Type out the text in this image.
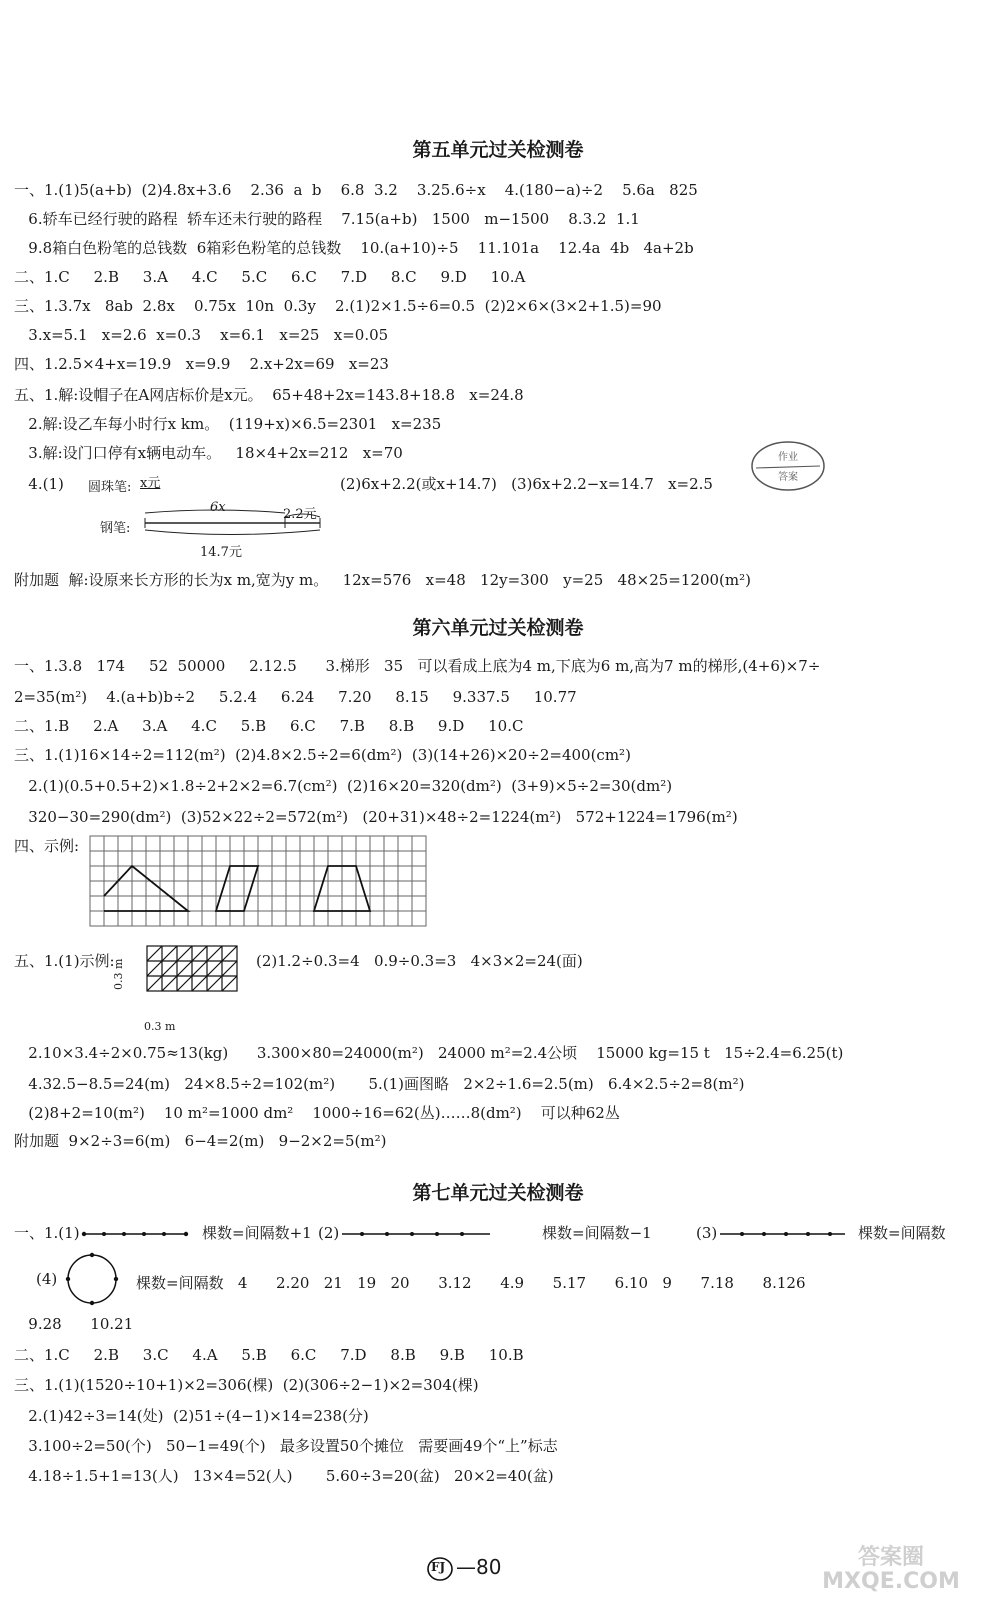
第五单元过关检测卷
一、1.(1)5(a+b)  (2)4.8x+3.6    2.36  a  b    6.8  3.2    3.25.6÷x    4.(180−a)÷2    5.6a   825
6.轿车已经行驶的路程  轿车还未行驶的路程    7.15(a+b)   1500   m−1500    8.3.2  1.1
9.8箱白色粉笔的总钱数  6箱彩色粉笔的总钱数    10.(a+10)÷5    11.101a    12.4a  4b   4a+2b
二、1.C     2.B     3.A     4.C     5.C     6.C     7.D     8.C     9.D     10.A
三、1.3.7x   8ab  2.8x    0.75x  10n  0.3y    2.(1)2×1.5÷6=0.5  (2)2×6×(3×2+1.5)=90
3.x=5.1   x=2.6  x=0.3    x=6.1   x=25   x=0.05
四、1.2.5×4+x=19.9   x=9.9    2.x+2x=69   x=23
五、1.解:设帽子在A网店标价是x元。  65+48+2x=143.8+18.8   x=24.8
2.解:设乙车每小时行x km。  (119+x)×6.5=2301   x=235
3.解:设门口停有x辆电动车。   18×4+2x=212   x=70
4.(1) 圆珠笔: x元	(2)6x+2.2(或x+14.7)   (3)6x+2.2−x=14.7   x=2.5
6x	2.2元
钢笔:
14.7元
作业
答案
附加题  解:设原来长方形的长为x m,宽为y m。   12x=576   x=48   12y=300   y=25   48×25=1200(m²)
第六单元过关检测卷
一、1.3.8   174     52  50000     2.12.5      3.梯形   35   可以看成上底为4 m,下底为6 m,高为7 m的梯形,(4+6)×7÷
2=35(m²)    4.(a+b)b÷2     5.2.4     6.24     7.20     8.15     9.337.5     10.77
二、1.B     2.A     3.A     4.C     5.B     6.C     7.B     8.B     9.D     10.C
三、1.(1)16×14÷2=112(m²)  (2)4.8×2.5÷2=6(dm²)  (3)(14+26)×20÷2=400(cm²)
2.(1)(0.5+0.5+2)×1.8÷2+2×2=6.7(cm²)  (2)16×20=320(dm²)  (3+9)×5÷2=30(dm²)
320−30=290(dm²)  (3)52×22÷2=572(m²)   (20+31)×48÷2=1224(m²)   572+1224=1796(m²)
四、示例:
五、1.(1)示例:
0.3 m
0.3 m
(2)1.2÷0.3=4   0.9÷0.3=3   4×3×2=24(面)
2.10×3.4÷2×0.75≈13(kg)      3.300×80=24000(m²)   24000 m²=2.4公顷    15000 kg=15 t   15÷2.4=6.25(t)
4.32.5−8.5=24(m)   24×8.5÷2=102(m²)       5.(1)画图略   2×2÷1.6=2.5(m)   6.4×2.5÷2=8(m²)
(2)8+2=10(m²)    10 m²=1000 dm²    1000÷16=62(丛)……8(dm²)    可以种62丛
附加题  9×2÷3=6(m)   6−4=2(m)   9−2×2=5(m²)
第七单元过关检测卷
一、1.(1)	棵数=间隔数+1 (2)	棵数=间隔数−1	(3)	棵数=间隔数
(4)	棵数=间隔数   4      2.20   21   19   20      3.12      4.9      5.17      6.10   9      7.18      8.126
9.28      10.21
二、1.C     2.B     3.C     4.A     5.B     6.C     7.D     8.B     9.B     10.B
三、1.(1)(1520÷10+1)×2=306(棵)  (2)(306÷2−1)×2=304(棵)
2.(1)42÷3=14(处)  (2)51÷(4−1)×14=238(分)
3.100÷2=50(个)   50−1=49(个)   最多设置50个摊位   需要画49个“上”标志
4.18÷1.5+1=13(人)   13×4=52(人)       5.60÷3=20(盆)   20×2=40(盆)
FJ —80	答案圈 MXQE.COM
